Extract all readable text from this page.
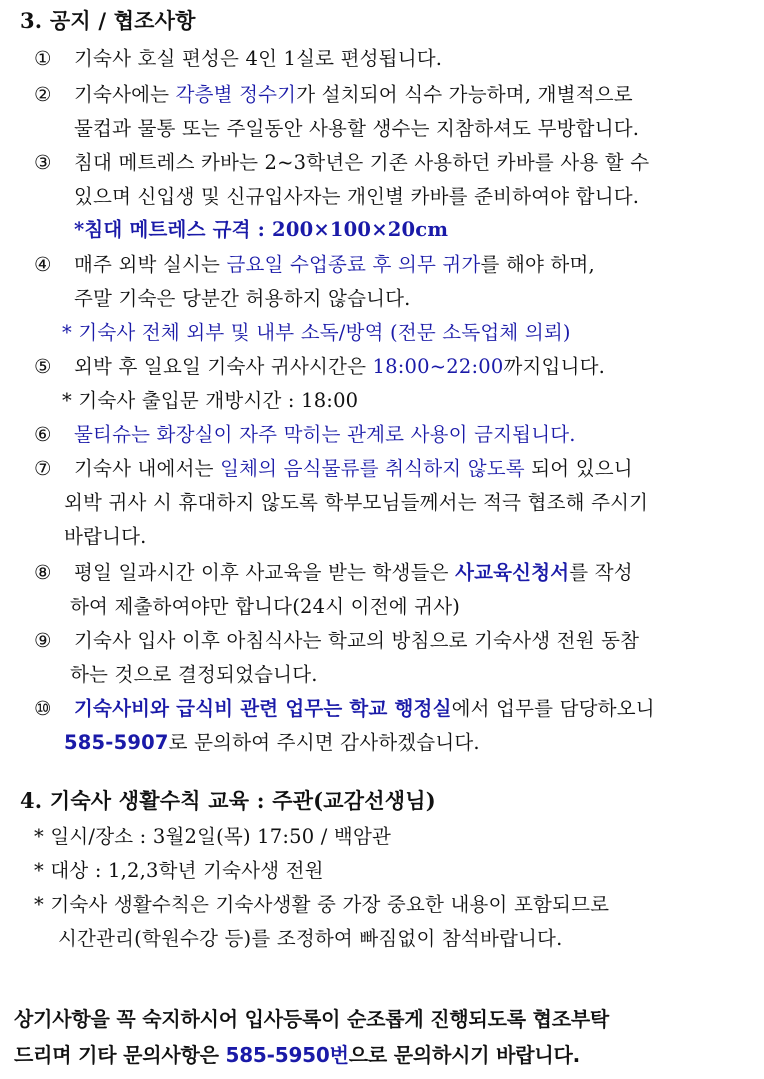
3. 공지 / 협조사항
① 기숙사 호실 편성은 4인 1실로 편성됩니다.
② 기숙사에는 각층별 정수기가 설치되어 식수 가능하며, 개별적으로
물컵과 물통 또는 주일동안 사용할 생수는 지참하셔도 무방합니다.
③ 침대 메트레스 카바는 2~3학년은 기존 사용하던 카바를 사용 할 수
있으며 신입생 및 신규입사자는 개인별 카바를 준비하여야 합니다.
*침대 메트레스 규격 : 200×100×20cm
④ 매주 외박 실시는 금요일 수업종료 후 의무 귀가를 해야 하며,
주말 기숙은 당분간 허용하지 않습니다.
* 기숙사 전체 외부 및 내부 소독/방역 (전문 소독업체 의뢰)
⑤ 외박 후 일요일 기숙사 귀사시간은 18:00~22:00까지입니다.
* 기숙사 출입문 개방시간 : 18:00
⑥ 물티슈는 화장실이 자주 막히는 관계로 사용이 금지됩니다.
⑦ 기숙사 내에서는 일체의 음식물류를 취식하지 않도록 되어 있으니
외박 귀사 시 휴대하지 않도록 학부모님들께서는 적극 협조해 주시기
바랍니다.
⑧ 평일 일과시간 이후 사교육을 받는 학생들은 사교육신청서를 작성
하여 제출하여야만 합니다(24시 이전에 귀사)
⑨ 기숙사 입사 이후 아침식사는 학교의 방침으로 기숙사생 전원 동참
하는 것으로 결정되었습니다.
⑩ 기숙사비와 급식비 관련 업무는 학교 행정실에서 업무를 담당하오니
585-5907로 문의하여 주시면 감사하겠습니다.
4. 기숙사 생활수칙 교육 : 주관(교감선생님)
* 일시/장소 : 3월2일(목) 17:50 / 백암관
* 대상 : 1,2,3학년 기숙사생 전원
* 기숙사 생활수칙은 기숙사생활 중 가장 중요한 내용이 포함되므로
시간관리(학원수강 등)를 조정하여 빠짐없이 참석바랍니다.
상기사항을 꼭 숙지하시어 입사등록이 순조롭게 진행되도록 협조부탁
드리며 기타 문의사항은 585-5950번으로 문의하시기 바랍니다.
